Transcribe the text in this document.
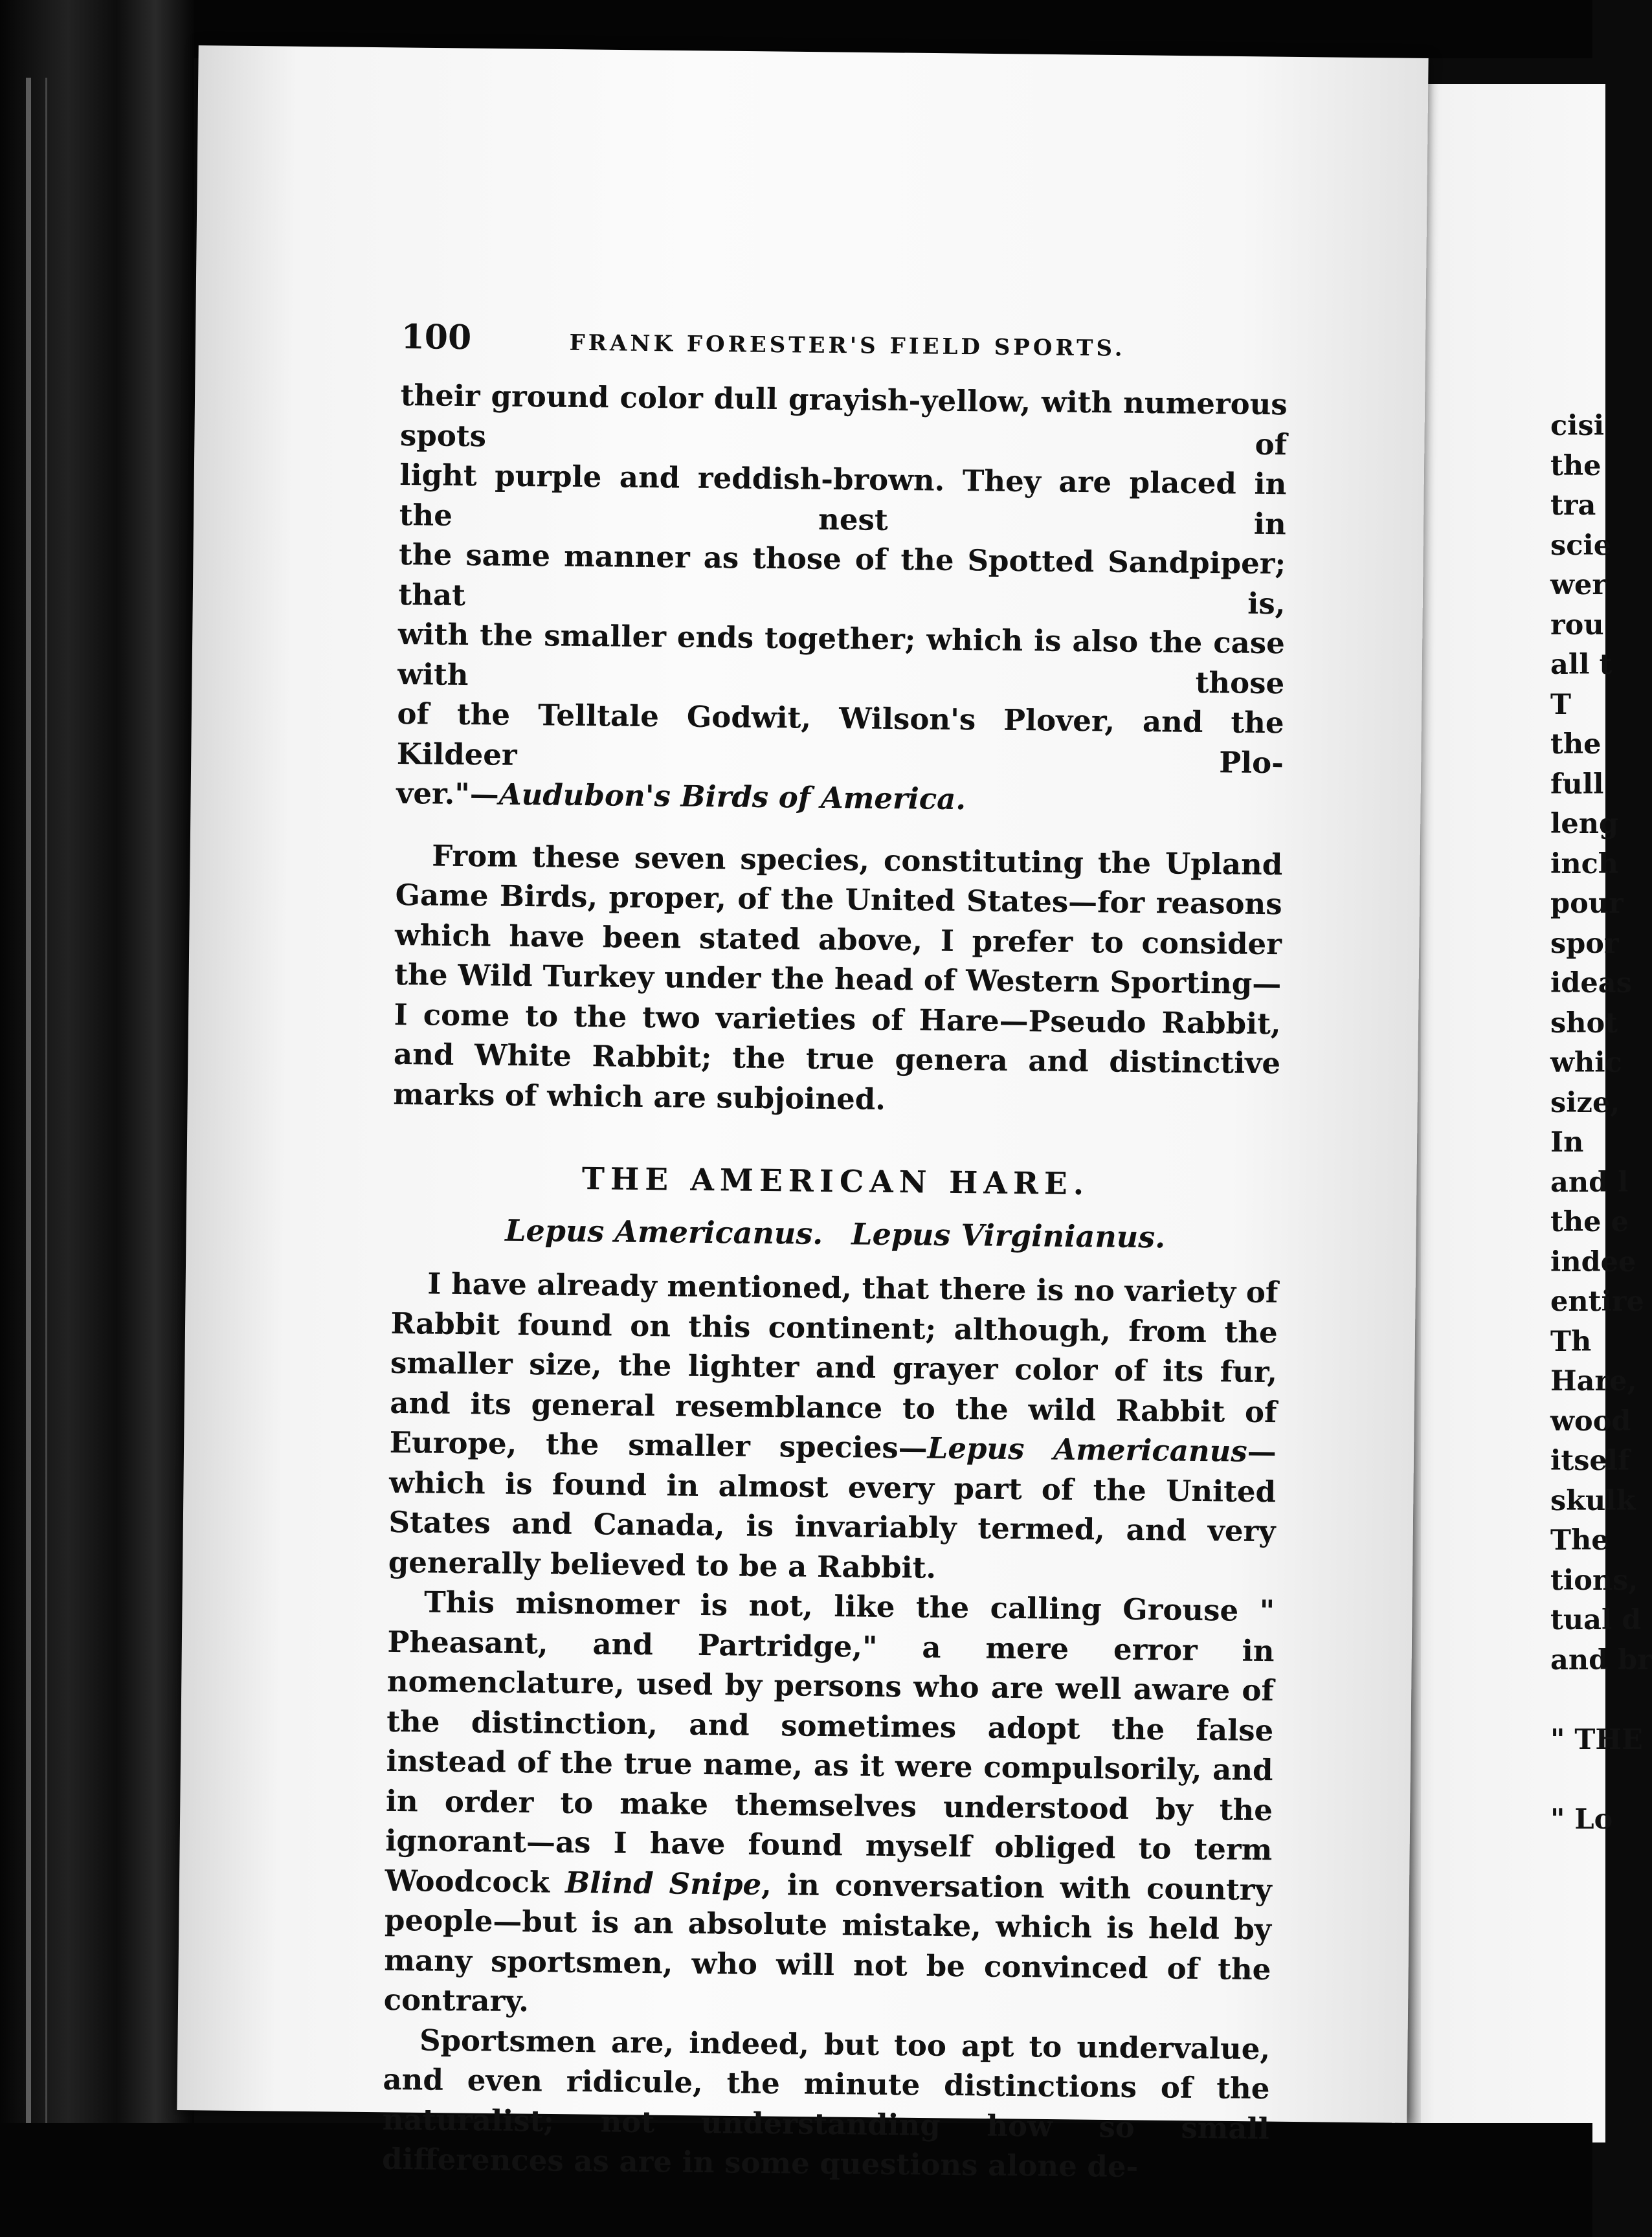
100	FRANK FORESTER'S FIELD SPORTS.

their ground color dull grayish-yellow, with numerous spots of

light purple and reddish-brown. They are placed in the nest in

the same manner as those of the Spotted Sandpiper; that is,

with the smaller ends together; which is also the case with those

of the Telltale Godwit, Wilson's Plover, and the Kildeer Plo-

ver."—Audubon's Birds of America.

From these seven species, constituting the Upland Game Birds, proper, of the United States—for reasons which have been stated above, I prefer to consider the Wild Turkey under the head of Western Sporting—I come to the two varieties of Hare—Pseudo Rabbit, and White Rabbit; the true genera and distinctive marks of which are subjoined.

THE AMERICAN HARE.
Lepus Americanus. Lepus Virginianus.

I have already mentioned, that there is no variety of Rabbit found on this continent; although, from the smaller size, the lighter and grayer color of its fur, and its general resemblance to the wild Rabbit of Europe, the smaller species—Lepus Americanus—which is found in almost every part of the United States and Canada, is invariably termed, and very generally believed to be a Rabbit.

This misnomer is not, like the calling Grouse " Pheasant, and Partridge," a mere error in nomenclature, used by persons who are well aware of the distinction, and sometimes adopt the false instead of the true name, as it were compulsorily, and in order to make themselves understood by the ignorant—as I have found myself obliged to term Woodcock Blind Snipe, in conversation with country people—but is an absolute mistake, which is held by many sportsmen, who will not be convinced of the contrary.

Sportsmen are, indeed, but too apt to undervalue, and even ridicule, the minute distinctions of the naturalist; not understanding how so small differences as are in some questions alone de-

cisi
the
tra
scie
wer
rou
all t
T
the
full
leng
inch
pour
spor
ideas
shot
whic
size,
In
and l
the e
indee
entire
Th
Hare,
wood
itself
skulk
The
tions,
tual d
and br

" THE

" Lo
